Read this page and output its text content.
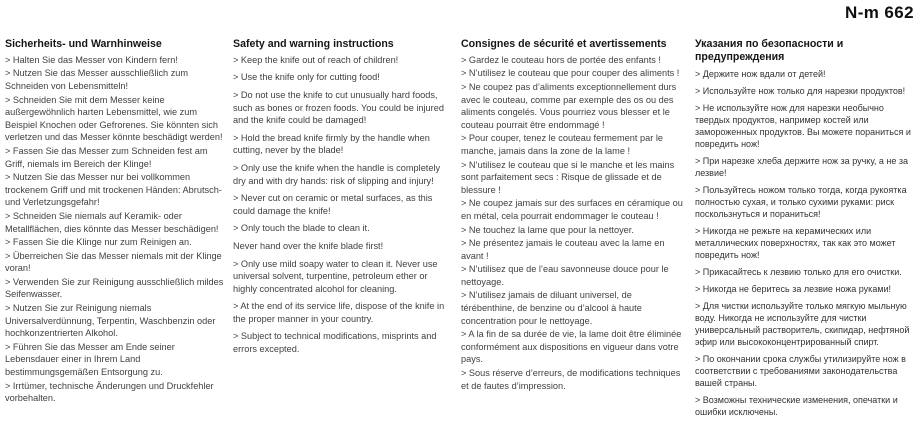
N-m 662
Sicherheits- und Warnhinweise

> Halten Sie das Messer von Kindern fern!

> Nutzen Sie das Messer ausschließlich zum Schneiden von Lebensmitteln!

> Schneiden Sie mit dem Messer keine außergewöhnlich harten Lebensmittel, wie zum Beispiel Knochen oder Gefrorenes. Sie könnten sich verletzen und das Messer könnte beschädigt werden!

> Fassen Sie das Messer zum Schneiden fest am Griff, niemals im Bereich der Klinge!

> Nutzen Sie das Messer nur bei vollkommen trockenem Griff und mit trockenen Händen: Abrutsch- und Verletzungsgefahr!

> Schneiden Sie niemals auf Keramik- oder Metallflächen, dies könnte das Messer beschädigen!

> Fassen Sie die Klinge nur zum Reinigen an.

> Überreichen Sie das Messer niemals mit der Klinge voran!

> Verwenden Sie zur Reinigung ausschließlich mildes Seifenwasser.

> Nutzen Sie zur Reinigung niemals Universalverdünnung, Terpentin, Waschbenzin oder hochkonzentrierten Alkohol.

> Führen Sie das Messer am Ende seiner Lebensdauer einer in Ihrem Land bestimmungsgemäßen Entsorgung zu.

> Irrtümer, technische Änderungen und Druckfehler vorbehalten.

Safety and warning instructions

> Keep the knife out of reach of children!

> Use the knife only for cutting food!

> Do not use the knife to cut unusually hard foods, such as bones or frozen foods. You could be injured and the knife could be damaged!

> Hold the bread knife firmly by the handle when cutting, never by the blade!

> Only use the knife when the handle is completely dry and with dry hands: risk of slipping and injury!

> Never cut on ceramic or metal surfaces, as this could damage the knife!

> Only touch the blade to clean it.

Never hand over the knife blade first!

> Only use mild soapy water to clean it. Never use universal solvent, turpentine, petroleum ether or highly concentrated alcohol for cleaning.

> At the end of its service life, dispose of the knife in the proper manner in your country.

> Subject to technical modifications, misprints and errors excepted.

Consignes de sécurité et avertissements

> Gardez le couteau hors de portée des enfants !

> N’utilisez le couteau que pour couper des aliments !

> Ne coupez pas d’aliments exceptionnellement durs avec le couteau, comme par exemple des os ou des aliments congelés. Vous pourriez vous blesser et le couteau pourrait être endommagé !

> Pour couper, tenez le couteau fermement par le manche, jamais dans la zone de la lame !

> N’utilisez le couteau que si le manche et les mains sont parfaitement secs : Risque de glissade et de blessure !

> Ne coupez jamais sur des surfaces en céramique ou en métal, cela pourrait endommager le couteau !

> Ne touchez la lame que pour la nettoyer.

> Ne présentez jamais le couteau avec la lame en avant !

> N’utilisez que de l’eau savonneuse douce pour le nettoyage.

> N’utilisez jamais de diluant universel, de térébenthine, de benzine ou d’alcool à haute concentration pour le nettoyage.

> A la fin de sa durée de vie, la lame doit être éliminée conformément aux dispositions en vigueur dans votre pays.

> Sous réserve d’erreurs, de modifications techniques et de fautes d’impression.

Указания по безопасности и предупреждения

> Держите нож вдали от детей!

> Используйте нож только для нарезки продуктов!

> Не используйте нож для нарезки необычно твердых продуктов, например костей или замороженных продуктов. Вы можете пораниться и повредить нож!

> При нарезке хлеба держите нож за ручку, а не за лезвие!

> Пользуйтесь ножом только тогда, когда рукоятка полностью сухая, и только сухими руками: риск поскользнуться и пораниться!

> Никогда не режьте на керамических или металлических поверхностях, так как это может повредить нож!

> Прикасайтесь к лезвию только для его очистки.

> Никогда не беритесь за лезвие ножа руками!

> Для чистки используйте только мягкую мыльную воду. Никогда не используйте для чистки универсальный растворитель, скипидар, нефтяной эфир или высококонцентрированный спирт.

> По окончании срока службы утилизируйте нож в соответствии с требованиями законодательства вашей страны.

> Возможны технические изменения, опечатки и ошибки исключены.
